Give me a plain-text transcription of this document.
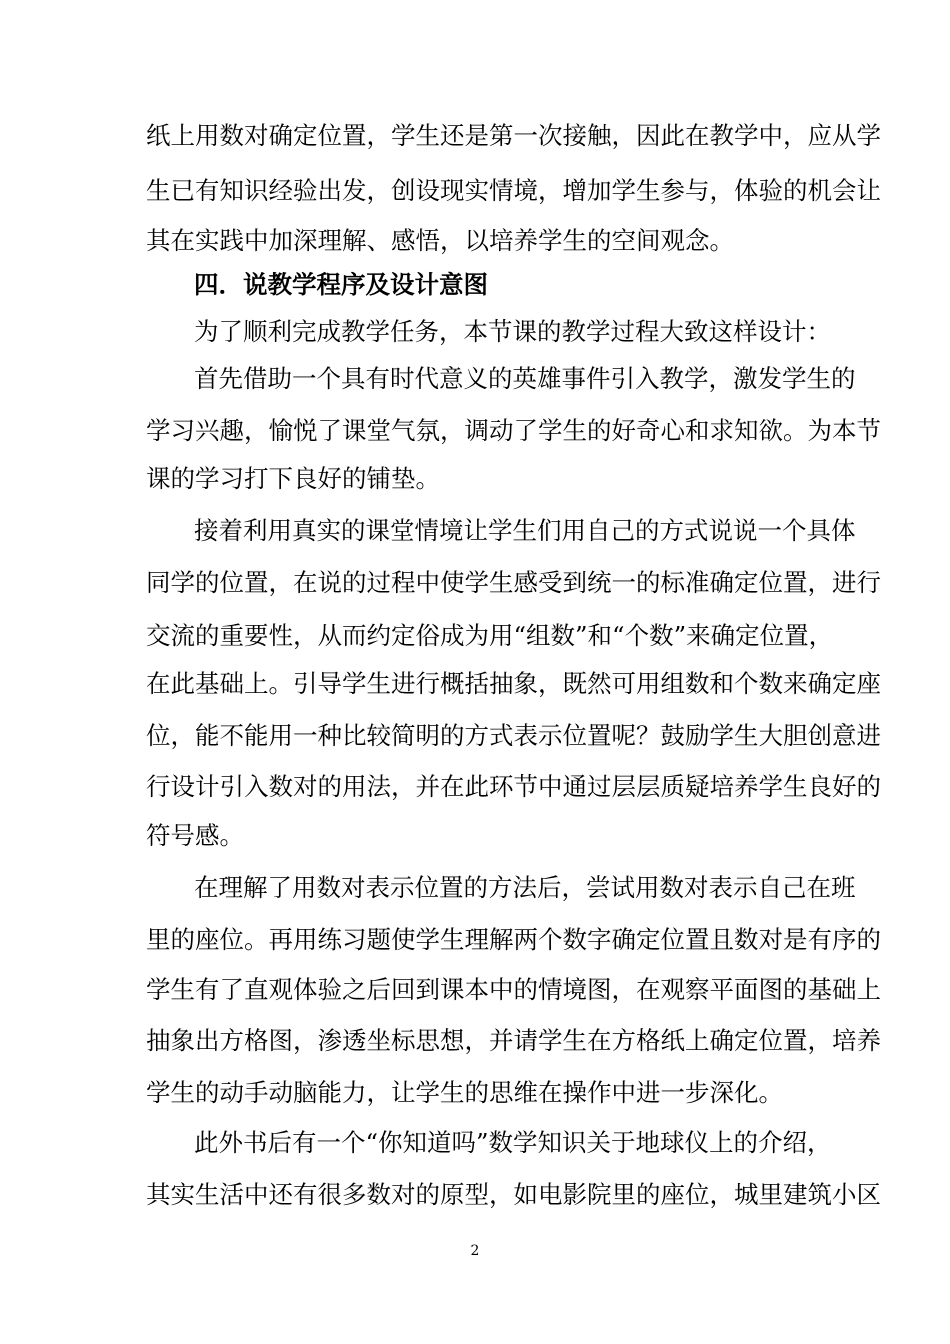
纸上用数对确定位置，学生还是第一次接触，因此在教学中，应从学
生已有知识经验出发，创设现实情境，增加学生参与，体验的机会让
其在实践中加深理解、感悟，以培养学生的空间观念。
四．说教学程序及设计意图
为了顺利完成教学任务，本节课的教学过程大致这样设计：
首先借助一个具有时代意义的英雄事件引入教学，激发学生的
学习兴趣，愉悦了课堂气氛，调动了学生的好奇心和求知欲。为本节
课的学习打下良好的铺垫。
接着利用真实的课堂情境让学生们用自己的方式说说一个具体
同学的位置，在说的过程中使学生感受到统一的标准确定位置，进行
交流的重要性，从而约定俗成为用“组数”和“个数”来确定位置，
在此基础上。引导学生进行概括抽象，既然可用组数和个数来确定座
位，能不能用一种比较简明的方式表示位置呢？鼓励学生大胆创意进
行设计引入数对的用法，并在此环节中通过层层质疑培养学生良好的
符号感。
在理解了用数对表示位置的方法后，尝试用数对表示自己在班
里的座位。再用练习题使学生理解两个数字确定位置且数对是有序的
学生有了直观体验之后回到课本中的情境图，在观察平面图的基础上
抽象出方格图，渗透坐标思想，并请学生在方格纸上确定位置，培养
学生的动手动脑能力，让学生的思维在操作中进一步深化。
此外书后有一个“你知道吗”数学知识关于地球仪上的介绍，
其实生活中还有很多数对的原型，如电影院里的座位，城里建筑小区
2
